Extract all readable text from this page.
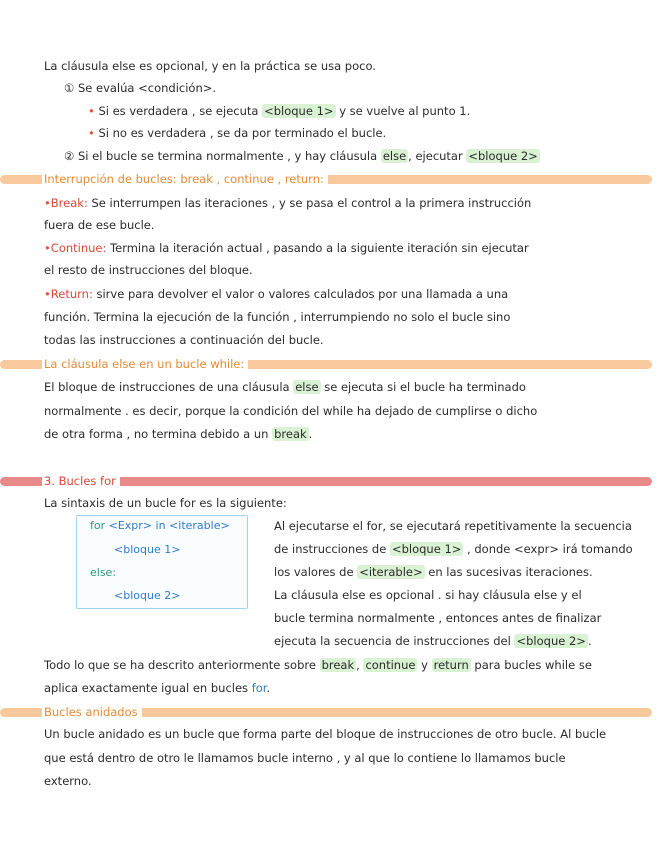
La cláusula else es opcional, y en la práctica se usa poco.
① Se evalúa <condición>.
• Si es verdadera , se ejecuta <bloque 1> y se vuelve al punto 1.
• Si no es verdadera , se da por terminado el bucle.
② Si el bucle se termina normalmente , y hay cláusula else , ejecutar <bloque 2>
Interrupción de bucles: break , continue , return:
•Break: Se interrumpen las iteraciones , y se pasa el control a la primera instrucción
fuera de ese bucle.
•Continue: Termina la iteración actual , pasando a la siguiente iteración sin ejecutar
el resto de instrucciones del bloque.
•Return: sirve para devolver el valor o valores calculados por una llamada a una
función. Termina la ejecución de la función , interrumpiendo no solo el bucle sino
todas las instrucciones a continuación del bucle.
La cláusula else en un bucle while:
El bloque de instrucciones de una cláusula else se ejecuta si el bucle ha terminado
normalmente . es decir, porque la condición del while ha dejado de cumplirse o dicho
de otra forma , no termina debido a un break .
3. Bucles for
La sintaxis de un bucle for es la siguiente:
for <Expr> in <iterable>
<bloque 1>
else:
<bloque 2>
Al ejecutarse el for, se ejecutará repetitivamente la secuencia
de instrucciones de <bloque 1> , donde <expr> irá tomando
los valores de <iterable> en las sucesivas iteraciones.
La cláusula else es opcional . si hay cláusula else y el
bucle termina normalmente , entonces antes de finalizar
ejecuta la secuencia de instrucciones del <bloque 2> .
Todo lo que se ha descrito anteriormente sobre break , continue y return para bucles while se
aplica exactamente igual en bucles for.
Bucles anidados
Un bucle anidado es un bucle que forma parte del bloque de instrucciones de otro bucle. Al bucle
que está dentro de otro le llamamos bucle interno , y al que lo contiene lo llamamos bucle
externo.
